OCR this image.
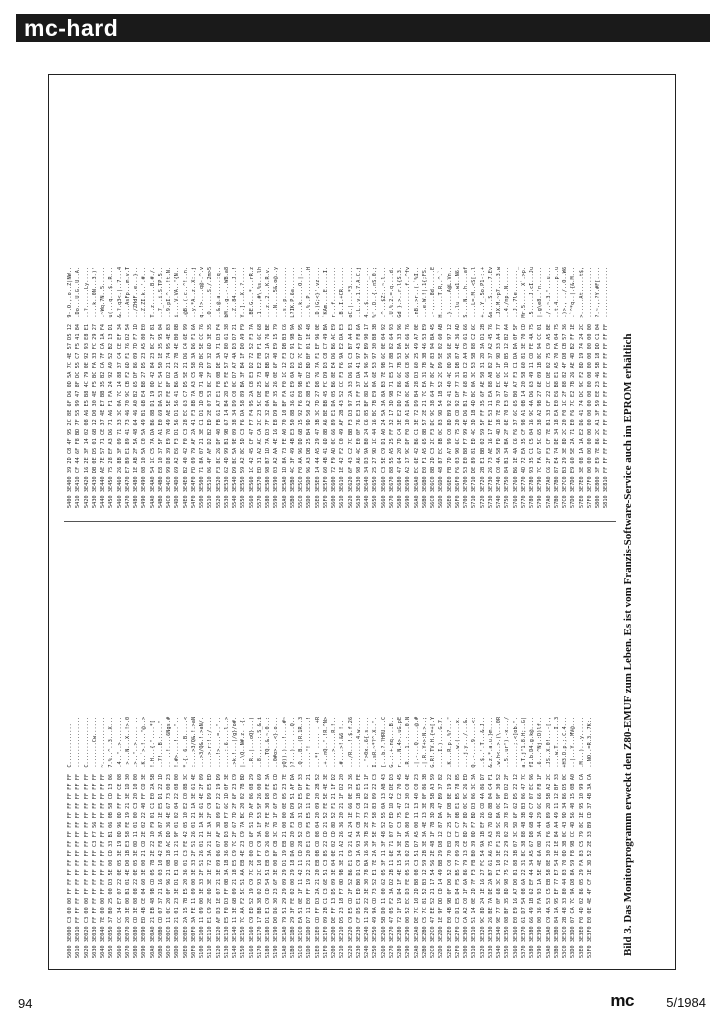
mc-hard
5000 3E000 C3 00 00 FF FF FF FF FF FF FF FF FF FF FF FF FF  C............. 5010 3E010 FF FF FF FF FF FF FF FF FF FF FF FF FF FF FF FF  ................ 5020 3E020 C3 00 00 FF FF FF FF FF FF FF FF FF FF FF FF FF  C............... 5030 3E030 FF FF FF FF FF FF FF FF C3 F7 56 FF FF FF FF FF  ........Cw...... 5040 3E040 7E 00 00 FF FF FF FF FF FF FF FF FF FF FF FF FF  ~............... 5050 3E050 37 B0 25 00 D3 5E 00 CD 33 B1 06 0B 58 CD 13 06  7.%..^..3...X... 5060 3E060 CC 34 E7 07 22 0E 05 3E 19 0D 96 0D FF FF CE 08  .4.."..>........ 5070 3E070 20 3E 00 B1 01 4E D0 1B E3 58 FE 19 21 3E 1D 30   >...N...X..!>.0 5080 3E080 CD 3E 08 08 22 0E 05 3E 0D 11 01 00 C3 20 10 00  .>.."..>..... .. 5090 3E090 ED 4B CE 04 60 3E 00 21 CD 2E 02 22 40 FF CD 3E  .K..`>.!..."@..> 50A0 3E0A0 21 EB 48 9B CD 05 7B 2E 22 10 F9 01 C1 E0 2A 5B  !.H...{."....*[ 50B0 3E0B0 CD 07 37 21 16 03 10 42 F8 3A 87 1E E5 D1 22 1D  ..7!...B.:...." 50C0 3E0C0 11 0C 20 0F 96 21 0B 18 AC DD 36 4E 67 73 00 23  .. ..!....6Ngs.# 50D0 3E0D0 21 01 23 3E D1 E1 0D 11 21 9F 01 02 04 22 08 00  !.#>....!....".. 50E0 3E0E0 2A 15 7B E5 20 36 01 C3 FE 42 05 10 E2 C0 8B 3C  *.{. 6...B.....< 50F0 3E0F0 3A FE 11 09 00 3E 33 2F 51 26 01 21 1A 3E 61 4E  :....>3/Q&.!.>aN 5100 3E100 11 09 00 3E 33 2F 51 26 01 21 1A 3E 61 4E 2F 09  ...>3/Q&.!.>aN/. 5110 3E110 E1 C9 2E 0D 3E 1E 72 3A 21 1E 3A 2F C9 D9 E5 ED  ....>.r:!.:/.... 5120 3E120 AF D3 1E 07 21 3E 09 06 07 AF 3D 09 E7 22 19 D9  ....!>....=..".. 5130 3E130 E5 F0 D3 FF 0B 3A 1B 36 00 D3 08 F7 6C 1D 0F 3E  .....:.6....l..> 5140 3E140 11 3E 6B 09 21 18 E5 C9 7C 2F 67 7D 2F 6F 23 C9  .>k.!...|/g}/o#. 5150 3E150 7C AA F2 5C 51 AA EB 4E 23 C9 7A BC 20 02 7B BD  |..\Q..N#.z. .{. 5160 3E160 C9 ED 52 19 C9 7C 2E 00 CD 6F 51 7D AF 06 08 29  ..R..|...oQ}...) 5170 3E170 17 BB 38 02 93 2C 10 F7 C9 3A 1F 53 5F 26 00 69  ..8..,...:.S_&.i 5180 3E180 D1 E1 C9 CD 54 51 EB C9 26 00 7E FE 30 D8 FE 3A  ....TQ..&.~.0..: 5190 3E190 D0 D6 30 23 6F 3E 00 8F CB 3C 7D 1F 6F C9 E5 CD  ..0#o>...<}.o... 51A0 3E1A0 79 51 29 29 09 29 D1 19 EB 21 00 00 0E 05 23 7E  yQ)).)...!....#~ 51B0 3E1B0 29 3F FE 02 00 29 18 DA 0D 20 F3 DA D9 51 AF DA  )?...)... ...Q.. 51C0 3E1C0 EA 51 0E 1F 11 42 11 CD 28 52 CD 31 52 E5 DF 33  .Q...B..(R.1R..3 51D0 3E1D0 D7 11 E0 FF 19 22 21 20 E1 C9 F5 E5 11 F0 FF 21  ....."! .......! 51E0 3E1E0 CD FF D3 2A 21 20 EB 0B CD 08 04 20 09 20 2B 52  ...*! ..... . +R 51F0 3E1F0 09 2B C1 C3 6E 51 C3 85 22 CD 21 52 FE 5E 4E 3E  .+..nQ..".!R.^N> 5200 3E200 DE FF 13 D5 09 3E 04 0E 02 CD 8D 52 F1 21 1F D2  .....>.....R.!.. 5210 3E210 D5 23 18 F7 0D 9B 3E 21 A2 26 36 20 21 1F D2 20  .#....>!.&6 !.. 5220 3E220 C9 E5 CD 2F 52 B6 E1 C9 21 A1 24 1E 66 0E 32 36  .../R...!.$.f.26 5230 3E230 CF D5 E1 ED B0 D1 C9 1A 93 34 CB 77 C8 1B E5 FE  .........4.w.... 5240 3E240 11 20 22 3E 30 78 BA 16 36 7B 2E 73 12 82 11 1F  . ">0x..6{.s.... 5250 3E250 49 9A CD 73 52 E1 7E 2A 3F 5E 7F 58 83 09 22 C3  I..sR.~*?^.X..". 5260 3E260 5B D0 11 00 62 05 3F 11 3F 48 52 55 0A 13 AB 43  [...b.?.?HRU...C 5270 3E270 47 05 F2 3A D2 2B 11 6E 71 07 07 ED 1D 42 DE D3  G..:.+.nq....B.. 5280 3E280 72 1F 19 D4 1F 4E 15 34 3E 1F C3 75 47 C2 70 45  r....N.4>..uG.pE 5290 3E290 00 52 EC D3 FE 05 31 02 D9 3A 80 F0 12 30 C0 4E  .R....1..:...0.N 52A0 3E2A0 DE 7C 10 2D B8 08 C3 51 D7 A5 00 11 13 40 C0 23  .|.-...Q.....@.# 52B0 3E2B0 C5 7C 81 52 B3 12 59 2B 3E 3A 4E 13 3E 0F 86 3B  .|.R..Y+>:N.>..; 52C0 3E2C0 47 EE 52 21 17 54 56 2E 48 1F 7B 3D 2B 5B A3 59  G.R!.TV.H.{=+[.Y 52D0 3E2D0 1E 9F DD CD 14 49 BB 29 D8 12 87 DA 47 B9 37 82  .....I.)....G.7. 52E0 3E2E0 E0 4B 9B 0F D0 52 C0 70 ED C2 25 3F DB 8E 19 22  .K...R.p..%?..." 52F0 3E2F0 C2 D1 E5 D4 F5 B5 77 09 28 C7 C7 0B E1 B5 78 85  ......w.(.....x. 5300 3E300 CA A2 C0 1F 6A 86 79 13 CE 8D 2F 8D 0C 9C 26 ED  ....j.y.../...&. 5310 3E310 51 14 0E 2D 7F F3 FB B0 39 0D F7 BD D3 06 3C 3A  Q..-....9.....<: 5320 3E320 9C 8D 24 1E 16 27 FC 54 9A 1B EF 26 CD 4A 86 D7  ..$..'.T...&.J.. 5330 3E330 26 BE 7A DE 2A B7 61 A6 75 A3 7D 6D 8B 04 C4 F1  &.z.*.a.u.}m.... 5340 3E340 9E 77 0F 68 3C F1 10 3E F1 28 5C 8A 0C 9F 30 52  .w.h<..>.(\...0R 5350 3E350 08 BF 35 8D 98 75 72 22 29 02 2D 78 17 E0 D2 2F  ..5..ur").-x.../ 5360 3E360 E0 E9 16 A7 D0 81 88 3B 07 3C 5D 6F 62 D5 22 12  .......;.<]ob.". 5370 3E370 61 D7 54 08 6A 22 31 8C 38 88 48 3B B3 06 47 7C  a.T.j"1.8.H;..G| 5380 3E380 66 49 1B 62 EF 44 34 A5 67 D8 6B 40 C7 07 EC 96  fI.b.D4.g.k@.... 5390 3E390 00 36 FA 93 1A 5E 4E 6A 0D 3A 44 29 6C 66 F8 1F  .6...^Nj.:D)lf.. 53A0 3E3A0 C9 4A 53 C5 EB 58 8E 30 21 F6 0A 89 2D 5B A2 2C  .JS..X.0!...-[., 53B0 3E3B0 84 1A 95 EF 77 E7 54 1E 1E 84 A4 49 11 12 BF 33  ....w.T.....I..3 53C0 3E3C0 2B 48 33 80 44 83 70 0D 3B 0C 43 9D 34 86 D5 0C  +H3.D.p.;.C.4... 53D0 3E3D0 07 CA 7C 9A D8 8A 59 F8 9B CC 4D 56 40 15 0B A0  ..|...Y...MV@... 53E0 3E3E0 F0 4D 02 86 05 29 FA 83 C5 79 8C 1E 95 10 99 CA  .M...)...y...... 53F0 3E3F0 E0 0E 4E 4F CF 1E 3D 52 2E 33 B9 CD 37 4B 3A CA  ..NO..=R.3..7K:.
5400 3E400 39 2D C8 4F 95 2C 8E 6F D6 0D 5A 7C 4E 57 D5 12  9-.O.,.o..Z|NW.. 5410 3E410 CF 44 6F F8 BD 7F 55 99 47 8F DC 55 C7 F5 41 84  .Do...U.G..U..A. 5420 3E420 16 2E 3F 14 02 08 A6 E5 B8 4C 79 0E 92 93 E8 E1  ..?......Ly..... 5430 3E430 DB 0E D5 01 6B 12 D0 30 4E F5 BC FA 33 FC 29 27  ....k..0N...3.)' 5440 3E440 AE 7E 57 71 CE 37 4E E7 BB 35 B2 CA 7F CA 1A F4  .~Wq.7N..5...... 5450 3E450 75 28 EF A3 D6 71 A6 F1 FA 24 92 A9 52 B2 13 D1  u(...q...$..R... 5460 3E460 26 8B 3F 09 71 33 3C 0A 7C 14 88 37 C4 CE EF 34  &.?.q3<.|..7...4 5470 3E470 E7 B9 E1 89 41 73 46 70 9C CB F2 6D F1 76 D2 54  ....AsFp...m.v.T 5480 3E480 1E AB 2F 5A 48 64 46 A0 B2 65 DF 86 09 7D F7 1D  ../ZHdF..e...}.. 5490 3E490 08 10 5A C0 5A 49 B1 6B E4 B8 27 D5 23 A5 80 E0  ..Z.ZI.k..'.#... 54A0 3E4A0 54 1C C5 7A DA B6 8B D1 19 0D 42 84 23 8C 2F 81  T..z......B.#./. 54B0 3E4B0 E8 10 37 5F A1 E0 69 DA 53 FC 54 50 1E 35 95 04  ..7_..i.S.TP.5.. 54C0 3E4C0 99 D8 39 E9 70 49 AE 5E FE 8F D2 21 74 95 4E 83  ..9.pI.^...!t.N. 54D0 3E4D0 69 A2 E6 F3 D1 56 D1 56 41 B6 DA 22 7B 4E B0 8B  i....V.VA.."{N.. 54E0 3E4E0 B2 40 42 F0 C3 28 EC 63 C7 D5 5E 21 D6 C4 6E 99  .@B..(.c..^!..n. 54F0 3E4F0 FD 09 79 AF 2A 41 F3 8B 7A A3 C5 58 3A D6 F1 6A  ..y.*A..z..X:..j 5500 3E500 71 8A 07 21 3E C1 D1 1D CB 71 40 2D BC 5E CC 76  q..!>....q@-.^.v 5510 3E510 06 4F AF D2 B2 ED 2E 07 53 8C 2F D7 32 6D 3E 35  .O......S./.2m>5 5520 3E520 F3 8C 26 DF 40 FB 61 A7 E1 F8 0B DE 3A 71 D3 F4  ..&.@.a.....:q.. 5530 3E530 62 4D 99 B1 9B 67 14 B4 2D F5 FE 57 42 80 61 38  bM...g..-..WB.a8 5540 3E540 D9 BC 5A 9E 09 38 34 D9 C0 0C D7 A7 4A D3 D7 21  ..Z..84.....J..! 5550 3E550 59 A2 8C 5D C3 F6 DA 58 89 BA 3F B4 1F D0 A9 F9  Y..]...X..?..... 5560 3E560 1C 42 45 CF 47 F7 F4 95 2A C8 E3 D2 72 52 F3 7A  .BE.G...*...rR.z 5570 3E570 ED 31 A2 AC CA 2C 23 5C DE 25 73 E2 FB F1 6C 68  .1...,#\.%s...lh 5580 3E580 98 B7 1D 7A D3 7F 32 0A FB 8C 4B BB 52 1A 76 BE  ...z..2...K.R.v. 5590 3E590 03 A2 AA 4E 16 E8 D9 8F 35 26 0E 6F 40 E9 15 79  ...N....5&.o@..y 55A0 3E5A0 1D 8A 73 FE A0 70 10 BF FA F0 1C 12 F3 DB B3 C6  ..s..p.......... 55B0 3E5B0 4C 3F 49 4B E3 50 8B 36 61 E9 0A D3 C2 91 9B 9A  L?IK.P.6a....... 55C0 3E5C0 F0 AA 96 DD 6B 15 92 F6 E0 9B 4F E6 7C F7 DF 95  ....k.....O.|... 55D0 3E5D0 96 A3 DB 25 B4 9D 50 A2 8B F5 D2 BD BF 01 1E 48  ...%..P........H 55E0 3E5E0 14 44 A5 29 47 3B 3C 7D 27 D8 76 7A F1 EF 96 0E  .D.)G;<}'.vz.... 55F0 3E5F0 60 4B 41 6D 8B A6 BE BB 45 FC D9 D3 C8 C7 49 BA  `KAm....E.....I. 5600 3E600 72 F9 AD 0C 66 89 E1 DA 05 B6 8E E4 D6 B6 AC E9  r...f........... 5610 3E610 1E 42 F2 C0 49 AF 2B 43 52 CC F3 F6 9A E2 DA E3  .B..I.+CR....... 5620 3E620 6F 43 C2 7C BB F3 D3 97 2A 33 D6 91 C3 B7 A4 E3  oC.|....*3...... 5630 3E630 98 A6 4C E0 0F 76 E3 31 FF 37 DA 41 97 43 F8 6A  ..L..v.1.7.A.C.j 5640 3E640 34 D3 9A B0 24 C6 85 BF 8D DC 14 96 5F B9 90 17  4...$......._... 5650 3E650 25 27 9D 1C 44 16 BC 7B E9 0A 6E 53 97 30 B8 3B  %'..D..{..nS.0.; 5660 3E660 C3 5E C9 D1 A0 24 5A 3A 8A B3 7E 9B 6C 0E 04 92  .^...$Z:..~.l... 5670 3E670 88 55 A5 25 FF 32 17 3D 9B 71 E5 17 8B 82 64 93  .U.%.2.=.q....d. 5680 3E680 47 64 20 7D C4 3E E2 DD 72 86 6C 7B 53 8A 33 96  Gd }.>..r.l{S.3. 5690 3E690 A2 17 9C DF F0 10 A1 DA 8C 8A 66 C8 9C 5E 66 76  ..........f..^fv 56A0 3E6A0 EC 6E 42 B6 C1 3E 72 D9 B4 28 D3 60 25 49 A7 0E  .nB..>r..(.`%I.. 56B0 3E6B0 E0 F1 A5 65 8B 57 2E 21 7C EA 31 7B 3B 46 53 E9  ...e.W.!|.1{;FS. 56C0 3E6C0 8B 2D C3 2C F3 DC 9C 38 64 7F 8C AF 83 94 BA 45  .-.,...8d......E 56D0 3E6D0 48 87 EC 8B 0C 83 9D 54 1B 52 2C D9 5E 02 60 AB  H......T.R,.^.`. 56E0 3E6E0 FB 7D A7 99 C0 8D B9 92 41 40 4C 0D 56 6E 97 12  .}......A@L.Vn.. 56F0 3E6F0 F6 03 90 6C 75 20 CD 92 DF 77 31 DB 87 4E 36 AD  ...lu ...w1..N6. 5700 3E700 53 E0 B8 F7 99 4E D6 B1 7F 68 83 C2 A4 C9 61 66  S....N...h....af 5710 3E710 DE 89 81 ED 4C 3D 1B 4D BC 0A 3C 53 5B 88 C2 6C  ....L=.M..<S[..l 5720 3E720 2B E1 BB 02 59 5F FF 35 6F AE 50 31 2D 3A D1 2B  +...Y_.5o.P1-:.+ 5730 3E730 26 73 AE 16 17 FE 53 11 EA 88 A8 82 37 A2 45 76  &s....S.....7.Ev 5740 3E740 C0 4A 58 FD 4D 18 7E 70 37 EC 0C 1F 9D 33 A4 77  .JX.M.~p7....3.w 5750 3E750 84 B1 34 BA 2F 6E 70 E3 07 4E 1C 1D B5 12 B2 A4  ..4./np..N...... 5760 3E760 B6 1E 4A C6 F6 37 6C 65 B0 A7 F3 C1 DA DA 0F 5F  ..J..7le......._ 5770 3E770 4D 72 EA 35 CF 98 A1 0B 14 20 58 60 81 3E 70 CD  Mr.5..... X`.>p. 5780 3E780 93 35 C1 C5 04 16 9C 4A D6 63 49 11 CD FE 4A 75  .5.....J.cI...Ju 5790 3E790 7C FA 67 5C 65 38 A2 9B 27 6E 09 1B 8C 94 CC 01  |.g\e8..'n...... 57A0 3E7A0 C6 2F F3 CF 7E 81 33 CF 22 CC DE 02 75 C9 A5 8E  ./..~.3."...u... 57B0 3E7B0 87 E4 74 DE 34 18 EA E0 E6 B8 E1 A5 70 FA 04 75  ..t.4.......p..u 57C0 3E7C0 B3 29 3E 8D 2C 20 F0 1C 2F 88 82 4F D8 CB 57 36  .)>., ../..O..W6 57D0 3E7D0 E9 60 5E 2A 71 E0 F6 7C E2 7B 26 AE 4D B2 FF 1E  .`^*q..|.{&.M... 57E0 3E7E0 3E 08 1A 1A E2 D6 41 74 DC 9C F2 8D 19 74 24 2C  >.....At.....t$, 57F0 3E7F0 00 00 00 00 00 00 00 00 00 00 00 00 00 00 00 00  ................ 5800 3E800 3F E9 7E 86 2C A1 3F 59 EE 23 46 5B 18 DD C1 04  ?.~.,.?Y.#F[.... 5810 3E810 FF FF FF FF FF FF FF FF FF FF FF FF FF FF FF FF  ................ Bild 3. Das Monitorprogramm erweckt den Z80-EMUF zum Leben. Es ist vom Franzis-Software-Service auch im EPROM erhältlich
94	mc 5/1984
